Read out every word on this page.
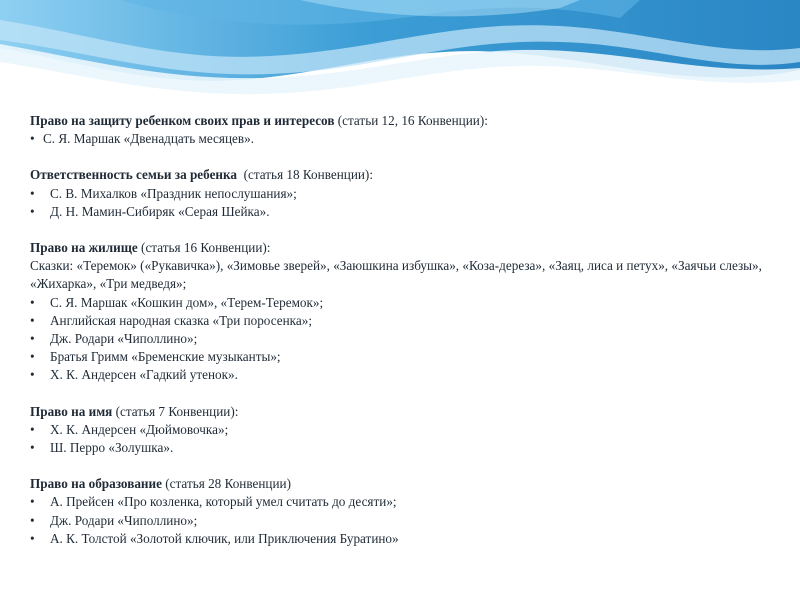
Право на защиту ребенком своих прав и интересов (статьи 12, 16 Конвенции):
• С. Я. Маршак «Двенадцать месяцев».
Ответственность семьи за ребенка  (статья 18 Конвенции):
•	С. В. Михалков «Праздник непослушания»;
•	Д. Н. Мамин-Сибиряк «Серая Шейка».
Право на жилище (статья 16 Конвенции):
Сказки: «Теремок» («Рукавичка»), «Зимовье зверей», «Заюшкина избушка», «Коза-дереза», «Заяц, лиса и петух», «Заячьи слезы», «Жихарка», «Три медведя»;
•	С. Я. Маршак «Кошкин дом», «Терем-Теремок»;
•	Английская народная сказка «Три поросенка»;
•	Дж. Родари «Чиполлино»;
•	Братья Гримм «Бременские музыканты»;
•	Х. К. Андерсен «Гадкий утенок».
Право на имя (статья 7 Конвенции):
•	Х. К. Андерсен «Дюймовочка»;
•	Ш. Перро «Золушка».
Право на образование (статья 28 Конвенции)
•	А. Прейсен «Про козленка, который умел считать до десяти»;
•	Дж. Родари «Чиполлино»;
•	А. К. Толстой «Золотой ключик, или Приключения Буратино»
